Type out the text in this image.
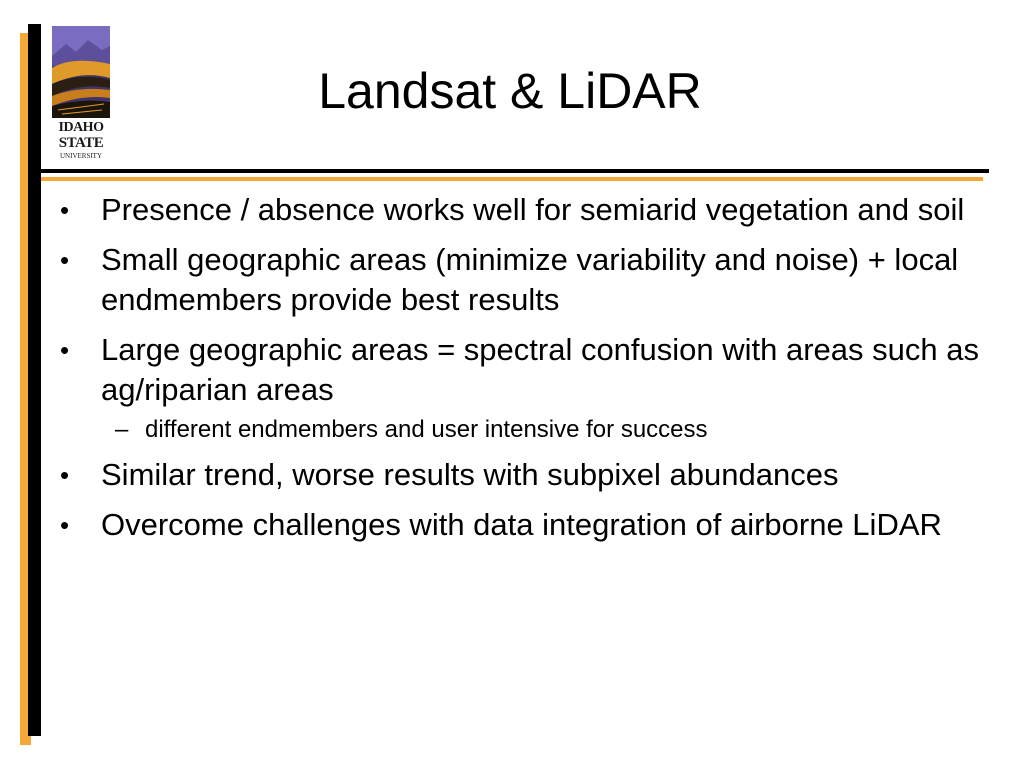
IDAHO
STATE
UNIVERSITY
Landsat & LiDAR
•	Presence / absence works well for semiarid vegetation and soil
•	Small geographic areas (minimize variability and noise) + local endmembers provide best results
•	Large geographic areas = spectral confusion with areas such as ag/riparian areas
– different endmembers and user intensive for success
•	Similar trend, worse results with subpixel abundances
•	Overcome challenges with data integration of airborne LiDAR
